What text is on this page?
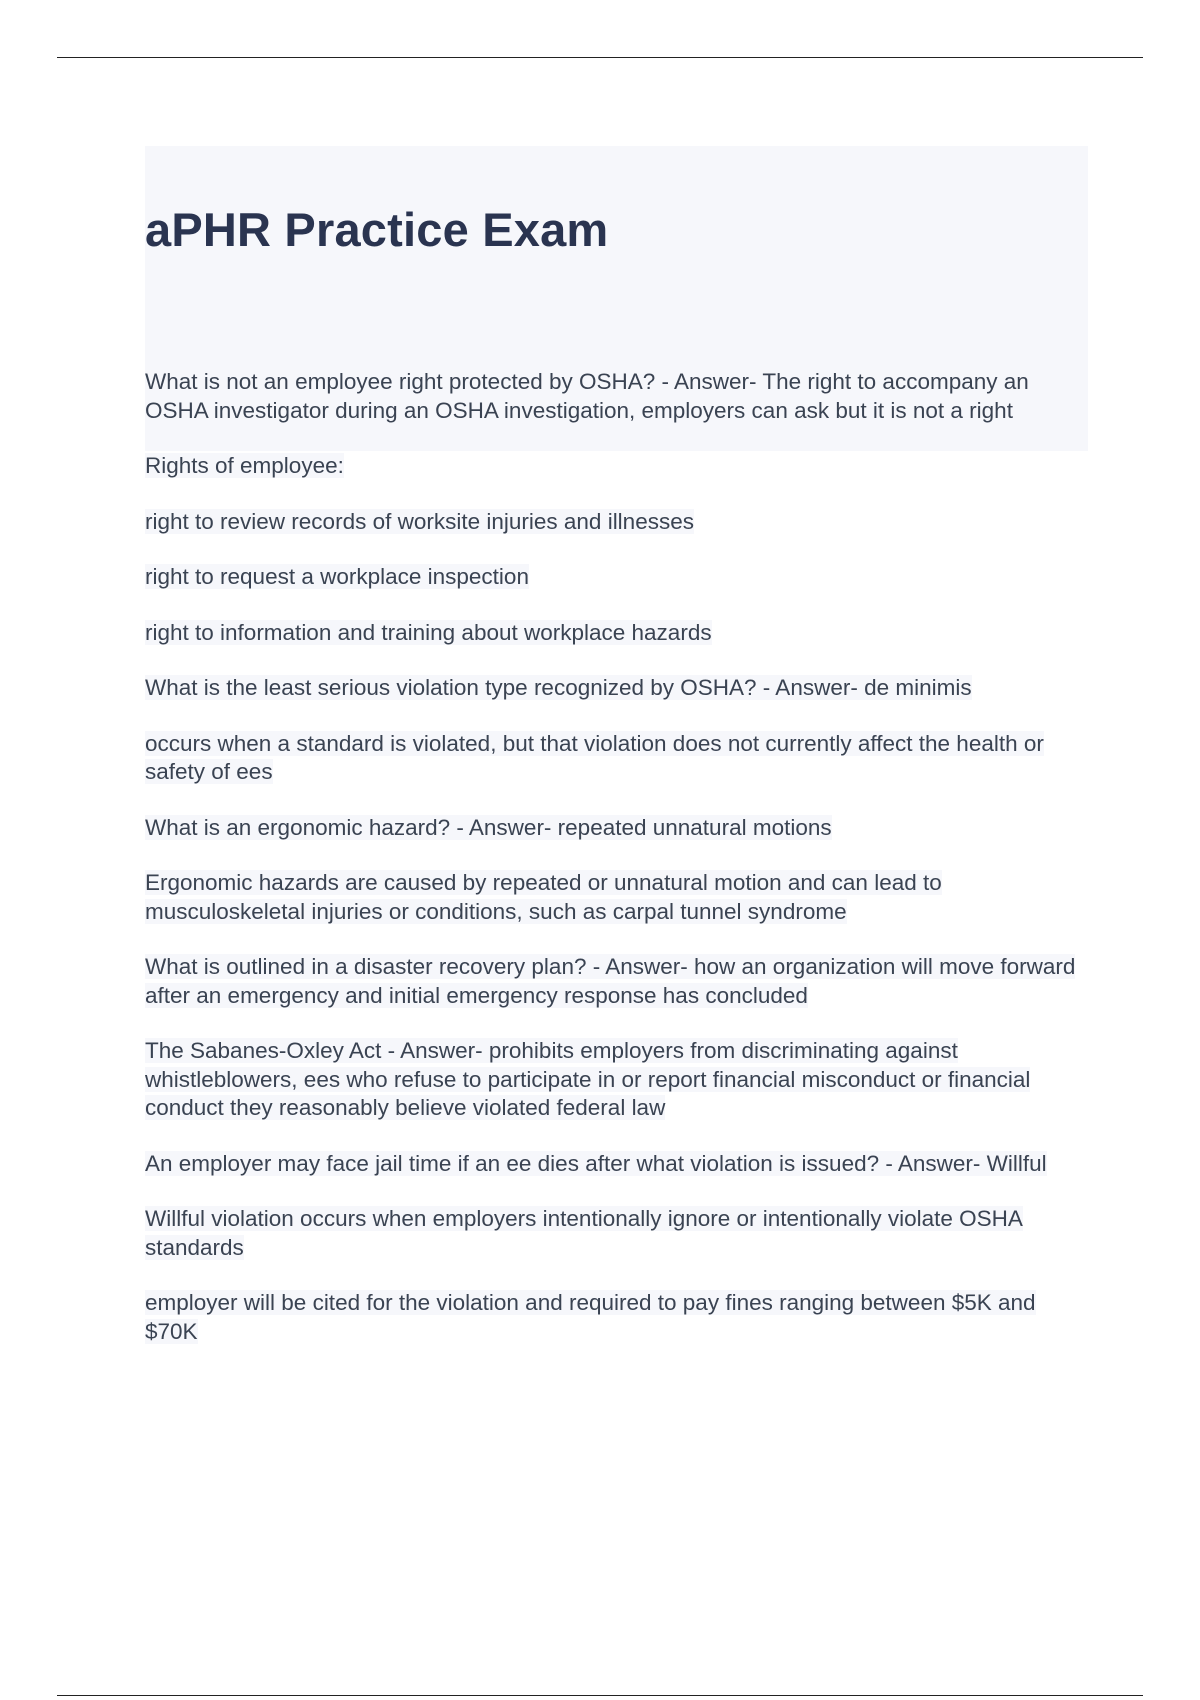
aPHR Practice Exam

What is not an employee right protected by OSHA? - Answer- The right to accompany an OSHA investigator during an OSHA investigation, employers can ask but it is not a right

Rights of employee:

right to review records of worksite injuries and illnesses

right to request a workplace inspection

right to information and training about workplace hazards

What is the least serious violation type recognized by OSHA? - Answer- de minimis

occurs when a standard is violated, but that violation does not currently affect the health or safety of ees

What is an ergonomic hazard? - Answer- repeated unnatural motions

Ergonomic hazards are caused by repeated or unnatural motion and can lead to musculoskeletal injuries or conditions, such as carpal tunnel syndrome

What is outlined in a disaster recovery plan? - Answer- how an organization will move forward after an emergency and initial emergency response has concluded

The Sabanes-Oxley Act - Answer- prohibits employers from discriminating against whistleblowers, ees who refuse to participate in or report financial misconduct or financial conduct they reasonably believe violated federal law

An employer may face jail time if an ee dies after what violation is issued? - Answer- Willful

Willful violation occurs when employers intentionally ignore or intentionally violate OSHA standards

employer will be cited for the violation and required to pay fines ranging between $5K and $70K
